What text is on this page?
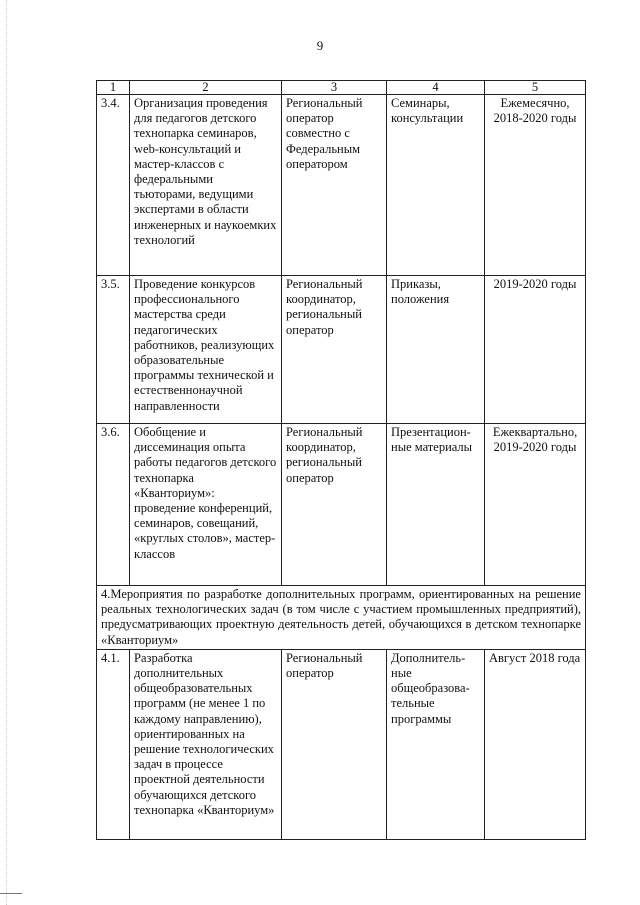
9
1	2	3	4	5
3.4.	Организация проведения для педагогов детского технопарка семинаров, web-консультаций и мастер-классов с федеральными тьюторами, ведущими экспертами в области инженерных и наукоемких технологий	Региональный оператор совместно с Федеральным оператором	Семинары, консультации	Ежемесячно, 2018-2020 годы
3.5.	Проведение конкурсов профессионального мастерства среди педагогических работников, реализующих образовательные программы технической и естественнонаучной направленности	Региональный координатор, региональный оператор	Приказы, положения	2019-2020 годы
3.6.	Обобщение и диссеминация опыта работы педагогов детского технопарка «Кванториум»: проведение конференций, семинаров, совещаний, «круглых столов», мастер-классов	Региональный координатор, региональный оператор	Презентацион-ные материалы	Ежеквартально, 2019-2020 годы
4.Мероприятия по разработке дополнительных программ, ориентированных на решение реальных технологических задач (в том числе с участием промышленных предприятий), предусматривающих проектную деятельность детей, обучающихся в детском технопарке «Кванториум»				
4.1.	Разработка дополнительных общеобразовательных программ (не менее 1 по каждому направлению), ориентированных на решение технологических задач в процессе проектной деятельности обучающихся детского технопарка «Кванториум»	Региональный оператор	Дополнитель-ные общеобразова-тельные программы	Август 2018 года
